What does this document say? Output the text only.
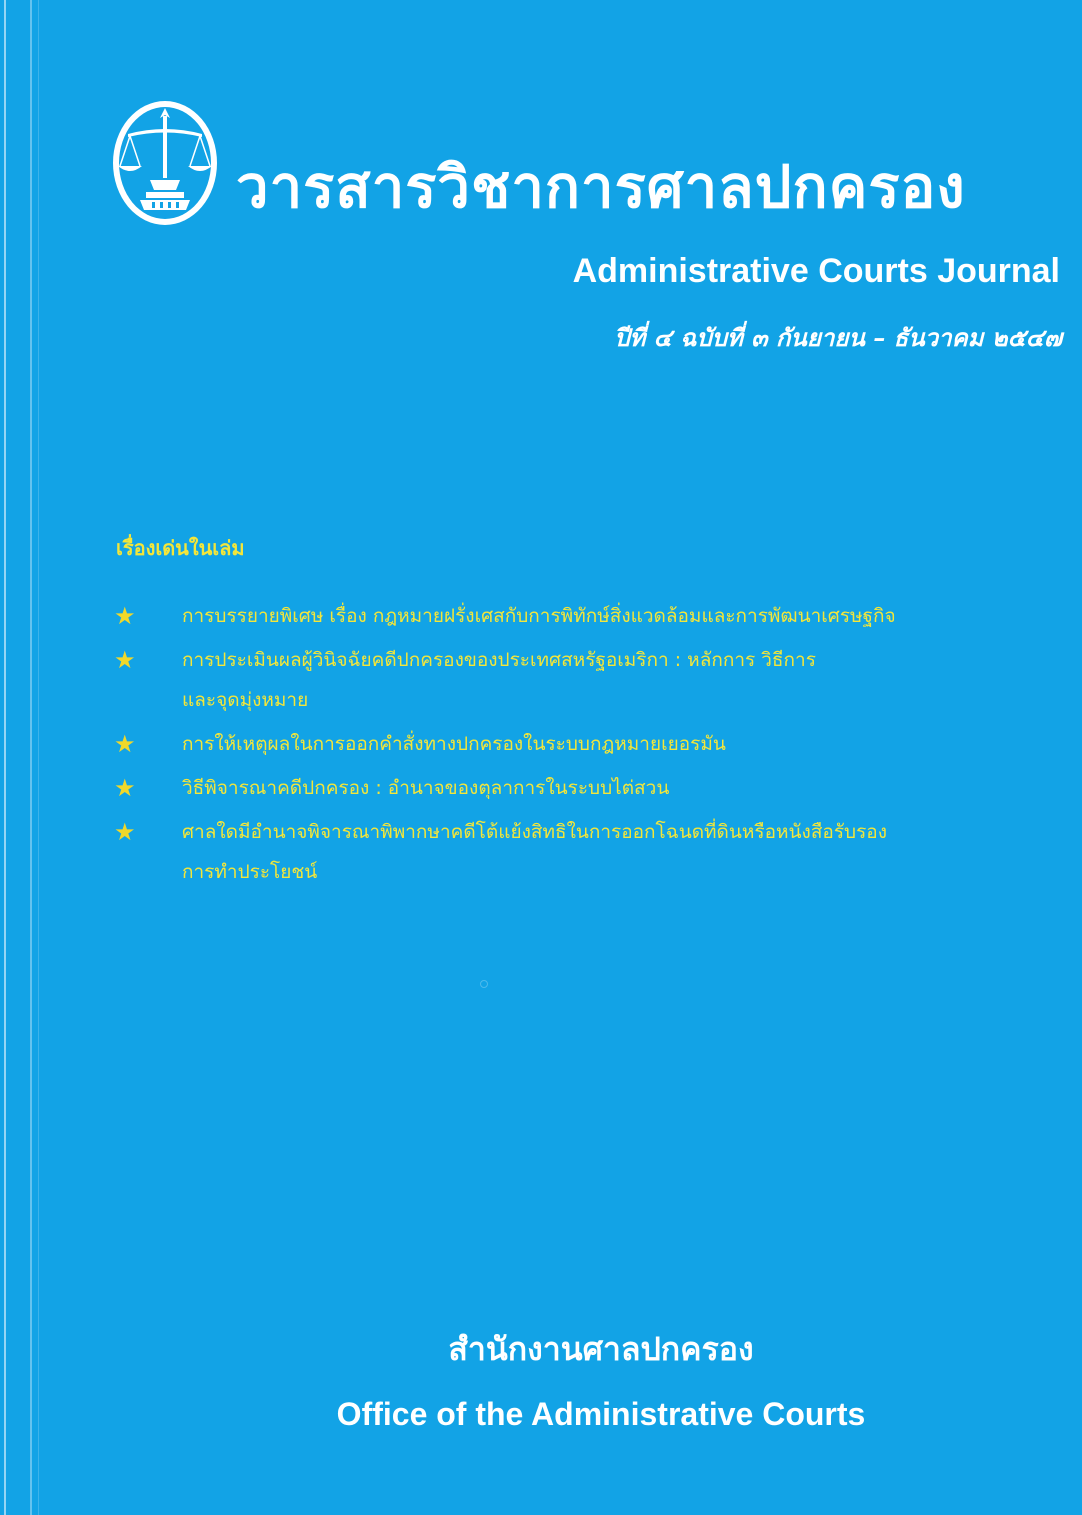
วารสารวิชาการศาลปกครอง
Administrative Courts Journal
ปีที่ ๔ ฉบับที่ ๓ กันยายน – ธันวาคม ๒๕๔๗
เรื่องเด่นในเล่ม
★ การบรรยายพิเศษ เรื่อง กฎหมายฝรั่งเศสกับการพิทักษ์สิ่งแวดล้อมและการพัฒนาเศรษฐกิจ
★ การประเมินผลผู้วินิจฉัยคดีปกครองของประเทศสหรัฐอเมริกา : หลักการ วิธีการ
และจุดมุ่งหมาย
★ การให้เหตุผลในการออกคำสั่งทางปกครองในระบบกฎหมายเยอรมัน
★ วิธีพิจารณาคดีปกครอง : อำนาจของตุลาการในระบบไต่สวน
★ ศาลใดมีอำนาจพิจารณาพิพากษาคดีโต้แย้งสิทธิในการออกโฉนดที่ดินหรือหนังสือรับรอง
การทำประโยชน์
สำนักงานศาลปกครอง
Office of the Administrative Courts
